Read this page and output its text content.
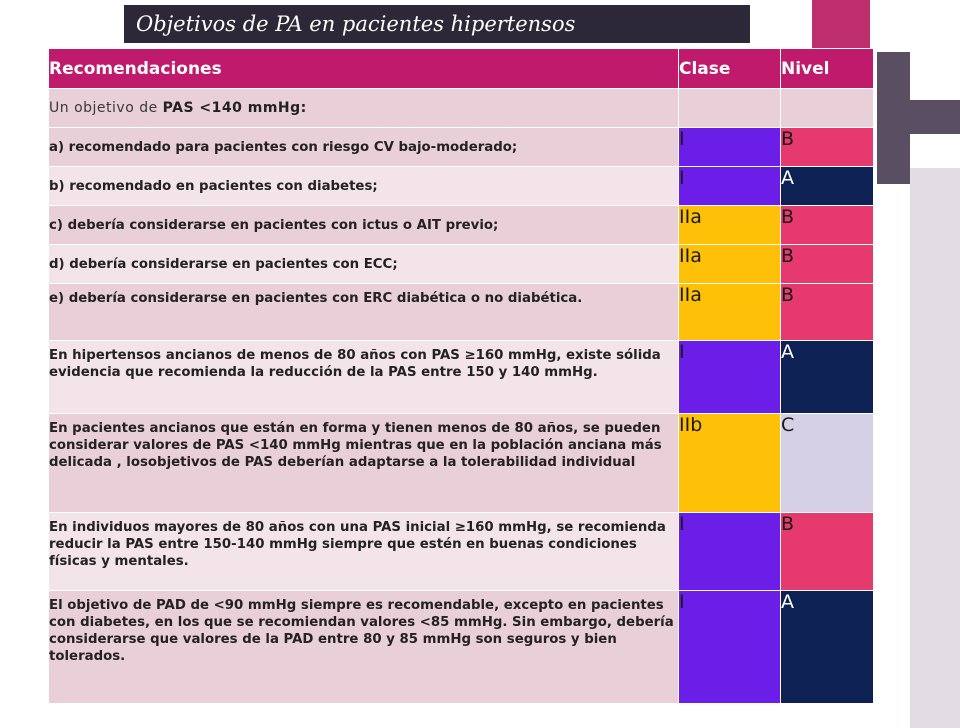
Objetivos de PA en pacientes hipertensos
Recomendaciones	Clase	Nivel
Un objetivo de PAS <140 mmHg:		
a) recomendado para pacientes con riesgo CV bajo-moderado;	I	B
b) recomendado en pacientes con diabetes;	I	A
c) debería considerarse en pacientes con ictus o AIT previo;	IIa	B
d) debería considerarse en pacientes con ECC;	IIa	B
e) debería considerarse en pacientes con ERC diabética o no diabética.	IIa	B
En hipertensos ancianos de menos de 80 años con PAS ≥160 mmHg, existe sólida evidencia que recomienda la reducción de la PAS entre 150 y 140 mmHg.	I	A
En pacientes ancianos que están en forma y tienen menos de 80 años, se pueden considerar valores de PAS <140 mmHg mientras que en la población anciana más delicada , losobjetivos de PAS deberían adaptarse a la tolerabilidad individual	IIb	C
En individuos mayores de 80 años con una PAS inicial ≥160 mmHg, se recomienda reducir la PAS entre 150-140 mmHg siempre que estén en buenas condiciones físicas y mentales.	I	B
El objetivo de PAD de <90 mmHg siempre es recomendable, excepto en pacientes con diabetes, en los que se recomiendan valores <85 mmHg. Sin embargo, debería considerarse que valores de la PAD entre 80 y 85 mmHg son seguros y bien tolerados.	I	A
